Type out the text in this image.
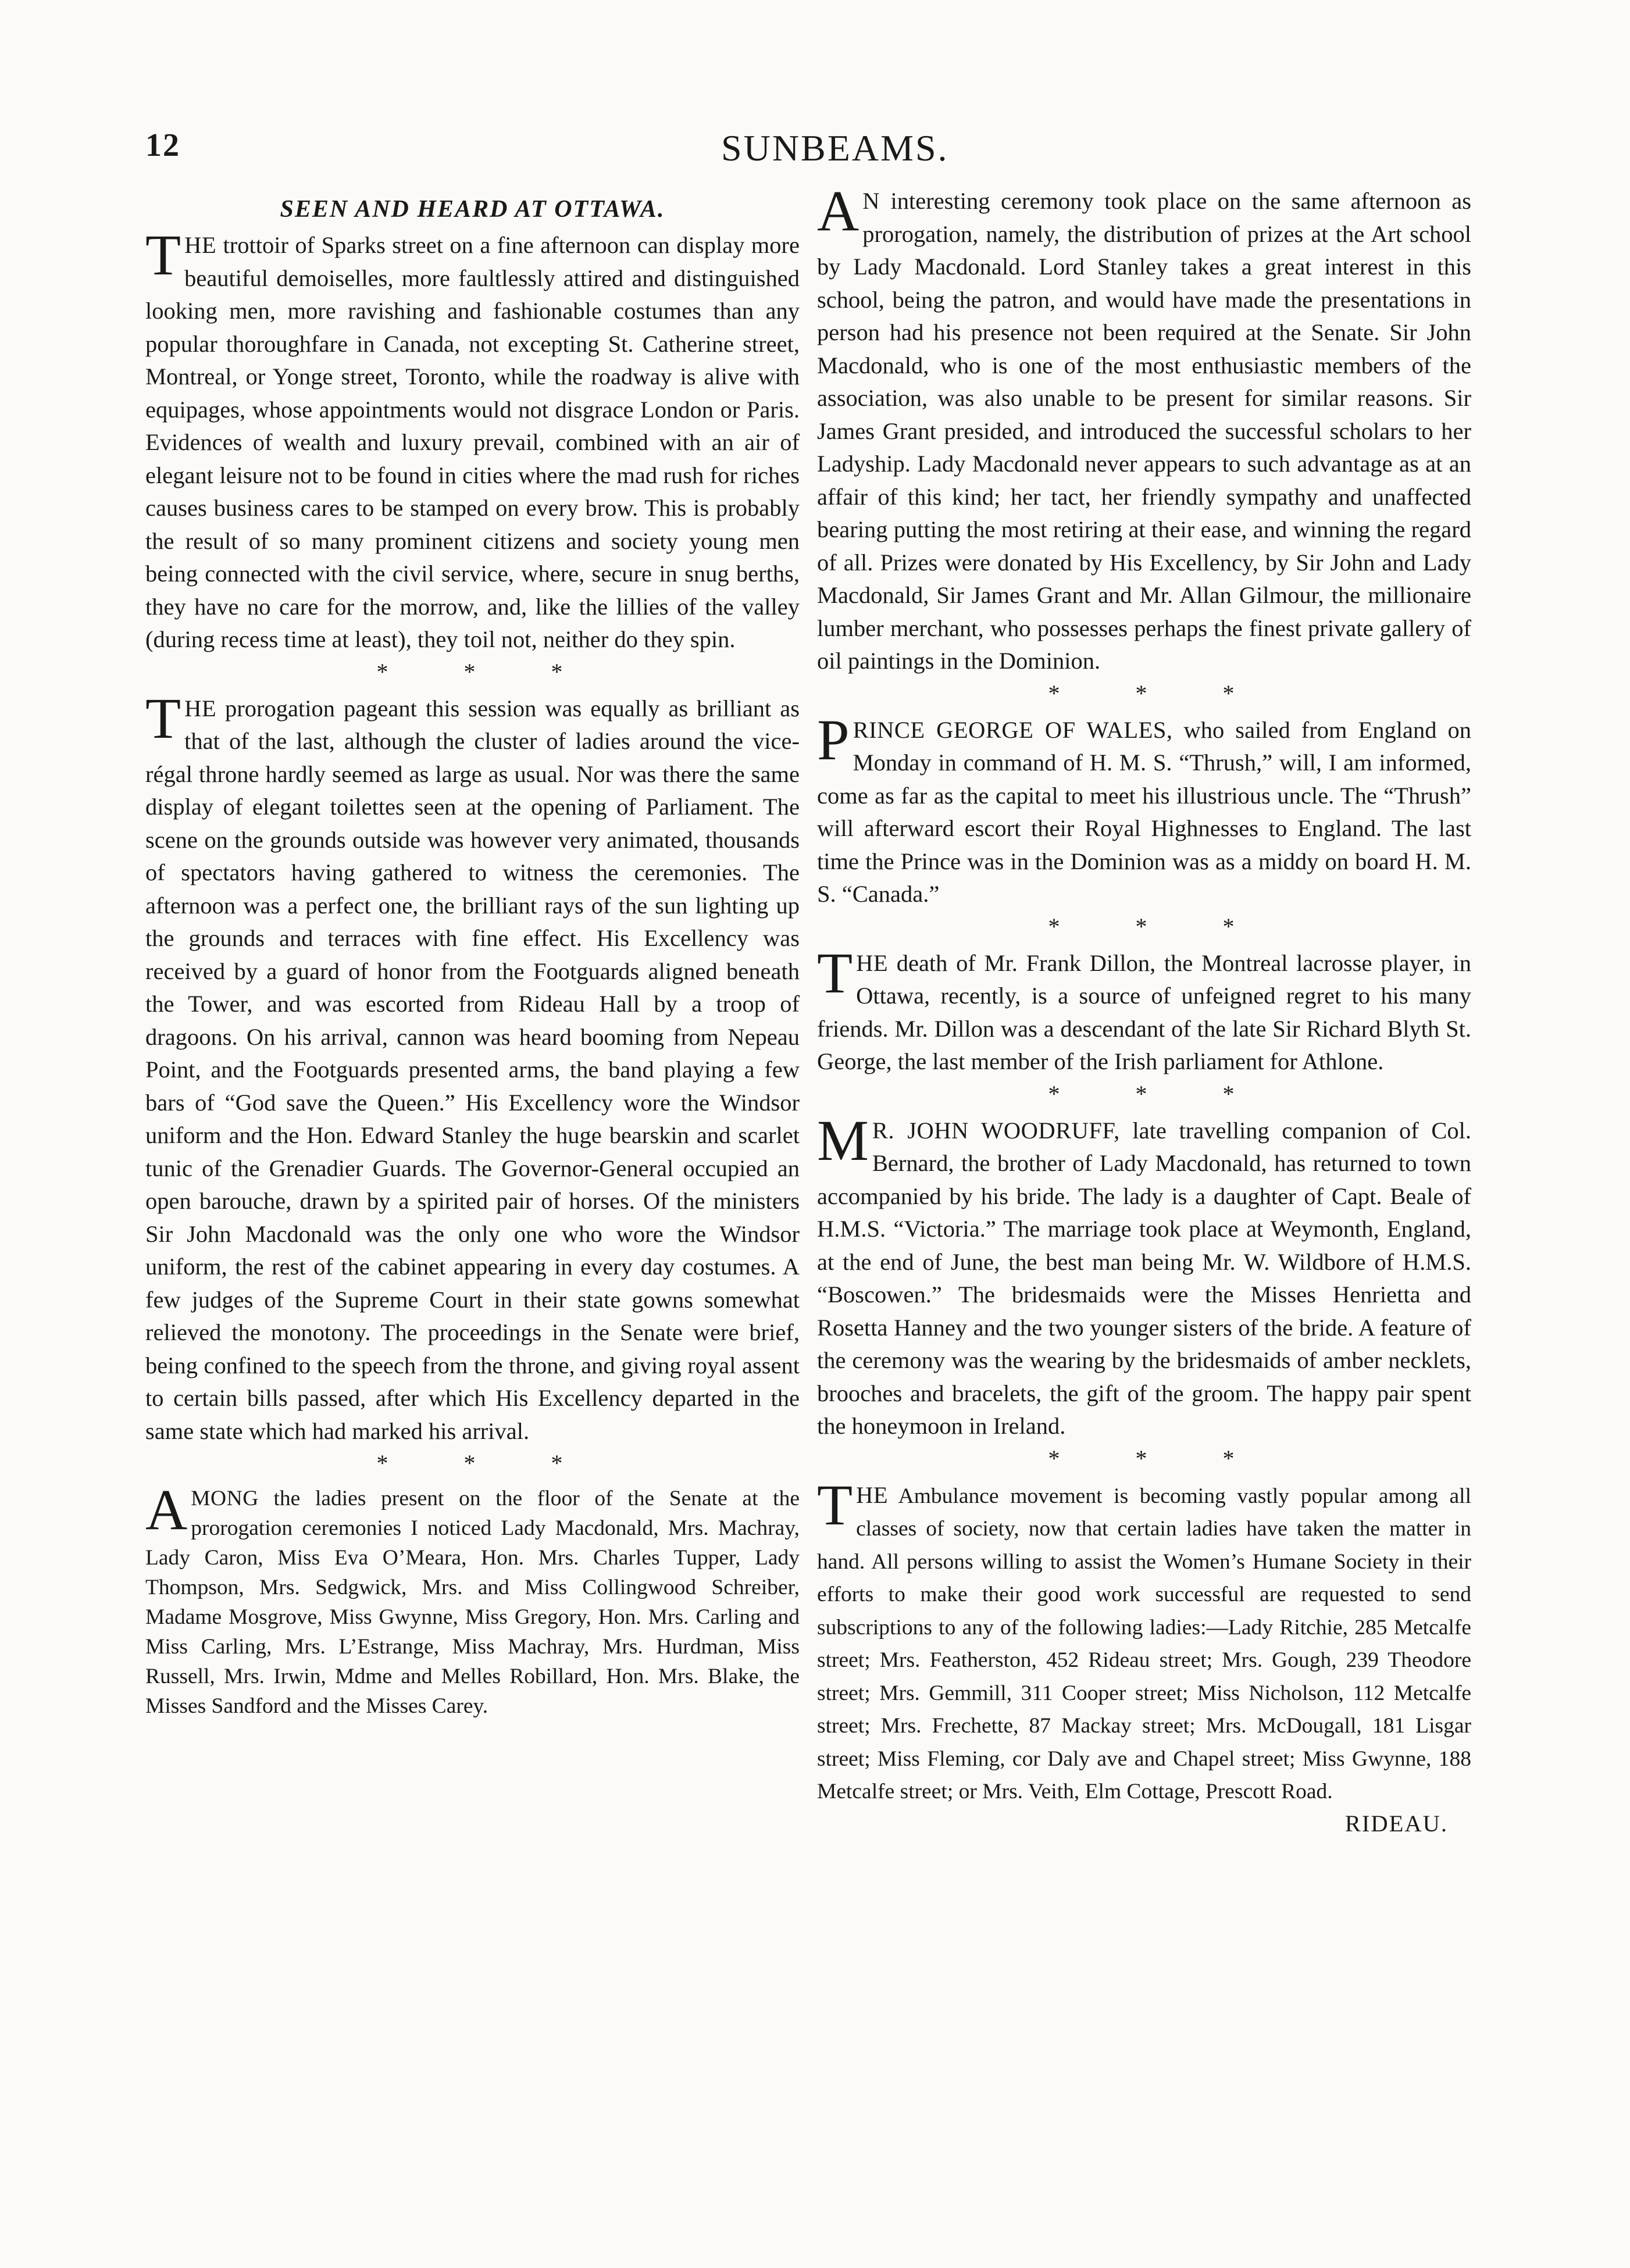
12	SUNBEAMS.
SEEN AND HEARD AT OTTAWA.

THE trottoir of Sparks street on a fine afternoon can display more beautiful demoiselles, more faultlessly attired and distinguished looking men, more ravishing and fashionable costumes than any popular thoroughfare in Canada, not excepting St. Catherine street, Montreal, or Yonge street, Toronto, while the roadway is alive with equipages, whose appointments would not disgrace London or Paris. Evidences of wealth and luxury prevail, combined with an air of elegant leisure not to be found in cities where the mad rush for riches causes business cares to be stamped on every brow. This is probably the result of so many prominent citizens and society young men being connected with the civil service, where, secure in snug berths, they have no care for the morrow, and, like the lillies of the valley (during recess time at least), they toil not, neither do they spin.

* * *

THE prorogation pageant this session was equally as brilliant as that of the last, although the cluster of ladies around the vice-régal throne hardly seemed as large as usual. Nor was there the same display of elegant toilettes seen at the opening of Parliament. The scene on the grounds outside was however very animated, thousands of spectators having gathered to witness the ceremonies. The afternoon was a perfect one, the brilliant rays of the sun lighting up the grounds and terraces with fine effect. His Excellency was received by a guard of honor from the Footguards aligned beneath the Tower, and was escorted from Rideau Hall by a troop of dragoons. On his arrival, cannon was heard booming from Nepeau Point, and the Footguards presented arms, the band playing a few bars of “God save the Queen.” His Excellency wore the Windsor uniform and the Hon. Edward Stanley the huge bearskin and scarlet tunic of the Grenadier Guards. The Governor-General occupied an open barouche, drawn by a spirited pair of horses. Of the ministers Sir John Macdonald was the only one who wore the Windsor uniform, the rest of the cabinet appearing in every day costumes. A few judges of the Supreme Court in their state gowns somewhat relieved the monotony. The proceedings in the Senate were brief, being confined to the speech from the throne, and giving royal assent to certain bills passed, after which His Excellency departed in the same state which had marked his arrival.

* * *

AMONG the ladies present on the floor of the Senate at the prorogation ceremonies I noticed Lady Macdonald, Mrs. Machray, Lady Caron, Miss Eva O’Meara, Hon. Mrs. Charles Tupper, Lady Thompson, Mrs. Sedgwick, Mrs. and Miss Collingwood Schreiber, Madame Mosgrove, Miss Gwynne, Miss Gregory, Hon. Mrs. Carling and Miss Carling, Mrs. L’Estrange, Miss Machray, Mrs. Hurdman, Miss Russell, Mrs. Irwin, Mdme and Melles Robillard, Hon. Mrs. Blake, the Misses Sandford and the Misses Carey.

A N interesting ceremony took place on the same afternoon as prorogation, namely, the distribution of prizes at the Art school by Lady Macdonald. Lord Stanley takes a great interest in this school, being the patron, and would have made the presentations in person had his presence not been required at the Senate. Sir John Macdonald, who is one of the most enthusiastic members of the association, was also unable to be present for similar reasons. Sir James Grant presided, and introduced the successful scholars to her Ladyship. Lady Macdonald never appears to such advantage as at an affair of this kind; her tact, her friendly sympathy and unaffected bearing putting the most retiring at their ease, and winning the regard of all. Prizes were donated by His Excellency, by Sir John and Lady Macdonald, Sir James Grant and Mr. Allan Gilmour, the millionaire lumber merchant, who possesses perhaps the finest private gallery of oil paintings in the Dominion.

* * *

PRINCE GEORGE OF WALES, who sailed from England on Monday in command of H. M. S. “Thrush,” will, I am informed, come as far as the capital to meet his illustrious uncle. The “Thrush” will afterward escort their Royal Highnesses to England. The last time the Prince was in the Dominion was as a middy on board H. M. S. “Canada.”

* * *

THE death of Mr. Frank Dillon, the Montreal lacrosse player, in Ottawa, recently, is a source of unfeigned regret to his many friends. Mr. Dillon was a descendant of the late Sir Richard Blyth St. George, the last member of the Irish parliament for Athlone.

* * *

M R. JOHN WOODRUFF, late travelling companion of Col. Bernard, the brother of Lady Macdonald, has returned to town accompanied by his bride. The lady is a daughter of Capt. Beale of H.M.S. “Victoria.” The marriage took place at Weymonth, England, at the end of June, the best man being Mr. W. Wildbore of H.M.S. “Boscowen.” The bridesmaids were the Misses Henrietta and Rosetta Hanney and the two younger sisters of the bride. A feature of the ceremony was the wearing by the bridesmaids of amber necklets, brooches and bracelets, the gift of the groom. The happy pair spent the honeymoon in Ireland.

* * *

THE Ambulance movement is becoming vastly popular among all classes of society, now that certain ladies have taken the matter in hand. All persons willing to assist the Women’s Humane Society in their efforts to make their good work successful are requested to send subscriptions to any of the following ladies:—Lady Ritchie, 285 Metcalfe street; Mrs. Featherston, 452 Rideau street; Mrs. Gough, 239 Theodore street; Mrs. Gemmill, 311 Cooper street; Miss Nicholson, 112 Metcalfe street; Mrs. Frechette, 87 Mackay street; Mrs. McDougall, 181 Lisgar street; Miss Fleming, cor Daly ave and Chapel street; Miss Gwynne, 188 Metcalfe street; or Mrs. Veith, Elm Cottage, Prescott Road.

RIDEAU.
